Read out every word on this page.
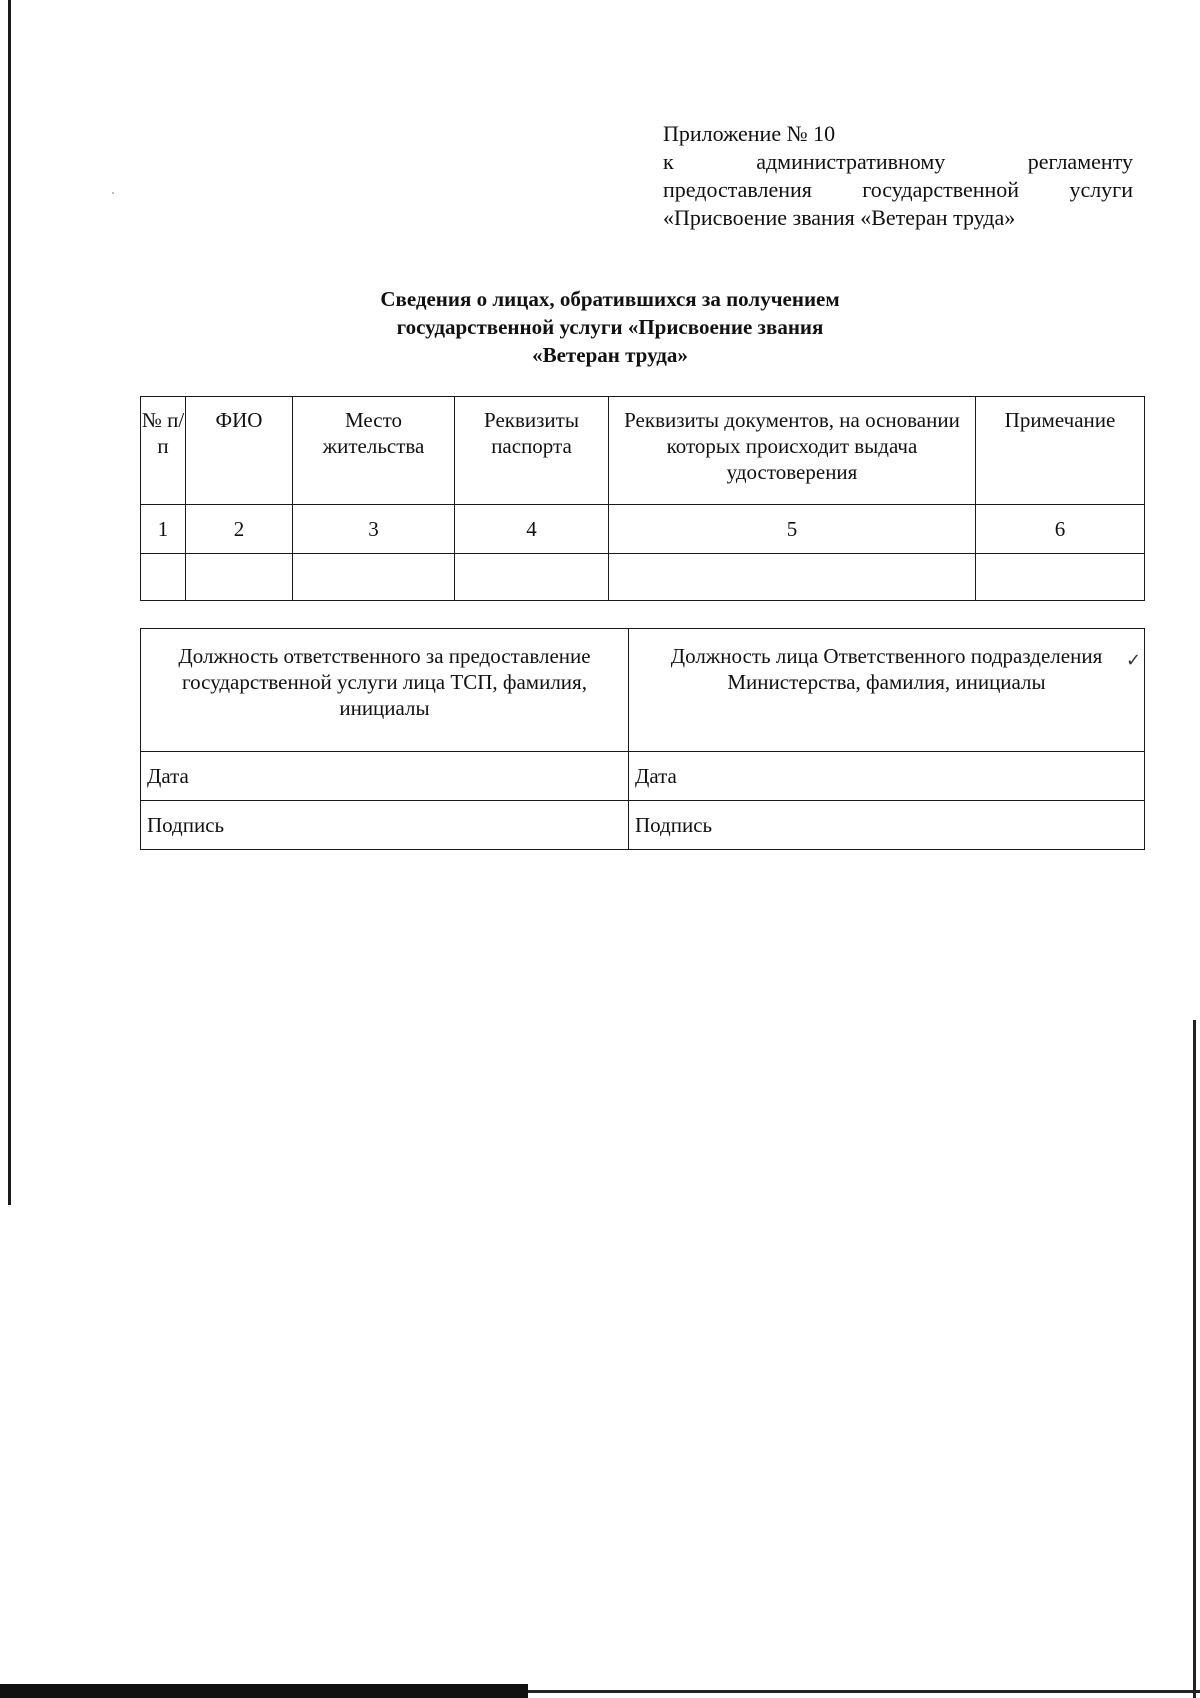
Приложение № 10
к	административному	регламенту
предоставления государственной услуги
«Присвоение звания «Ветеран труда»
Сведения о лицах, обратившихся за получением
государственной услуги «Присвоение звания
«Ветеран труда»
№ п/ п	ФИО	Место жительства	Реквизиты паспорта	Реквизиты документов, на основании которых происходит выдача удостоверения	Примечание
1	2	3	4	5	6

Должность ответственного за предоставление государственной услуги лица ТСП, фамилия, инициалы	Должность лица Ответственного подразделения Министерства, фамилия, инициалы
Дата	Дата
Подпись	Подпись
✓
